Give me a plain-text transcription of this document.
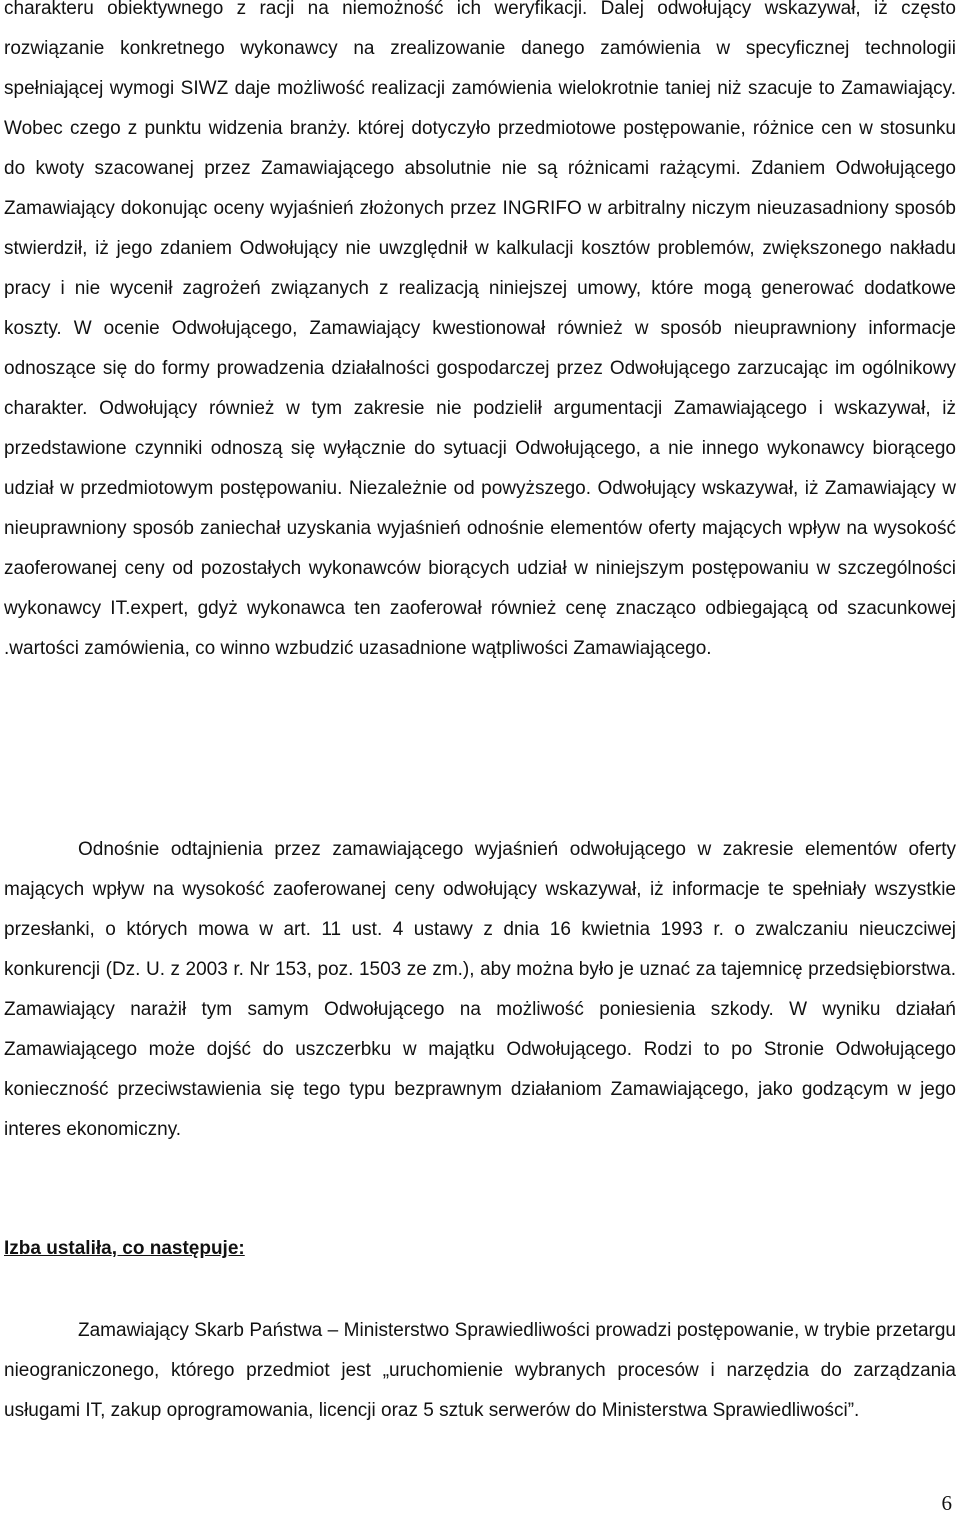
charakteru obiektywnego z racji na niemożność ich weryfikacji. Dalej odwołujący wskazywał, iż często rozwiązanie konkretnego wykonawcy na zrealizowanie danego zamówienia w specyficznej technologii spełniającej wymogi SIWZ daje możliwość realizacji zamówienia wielokrotnie taniej niż szacuje to Zamawiający. Wobec czego z punktu widzenia branży. której dotyczyło przedmiotowe postępowanie, różnice cen w stosunku do kwoty szacowanej przez Zamawiającego absolutnie nie są różnicami rażącymi. Zdaniem Odwołującego Zamawiający dokonując oceny wyjaśnień złożonych przez INGRIFO w arbitralny niczym nieuzasadniony sposób stwierdził, iż jego zdaniem Odwołujący nie uwzględnił w kalkulacji kosztów problemów, zwiększonego nakładu pracy i nie wycenił zagrożeń związanych z realizacją niniejszej umowy, które mogą generować dodatkowe koszty. W ocenie Odwołującego, Zamawiający kwestionował również w sposób nieuprawniony informacje odnoszące się do formy prowadzenia działalności gospodarczej przez Odwołującego zarzucając im ogólnikowy charakter. Odwołujący również w tym zakresie nie podzielił argumentacji Zamawiającego i wskazywał, iż przedstawione czynniki odnoszą się wyłącznie do sytuacji Odwołującego, a nie innego wykonawcy biorącego udział w przedmiotowym postępowaniu. Niezależnie od powyższego. Odwołujący wskazywał, iż Zamawiający w nieuprawniony sposób zaniechał uzyskania wyjaśnień odnośnie elementów oferty mających wpływ na wysokość zaoferowanej ceny od pozostałych wykonawców biorących udział w niniejszym postępowaniu w szczególności wykonawcy IT.expert, gdyż wykonawca ten zaoferował również cenę znacząco odbiegającą od szacunkowej .wartości zamówienia, co winno wzbudzić uzasadnione wątpliwości Zamawiającego.

Odnośnie odtajnienia przez zamawiającego wyjaśnień odwołującego w zakresie elementów oferty mających wpływ na wysokość zaoferowanej ceny odwołujący wskazywał, iż informacje te spełniały wszystkie przesłanki, o których mowa w art. 11 ust. 4 ustawy z dnia 16 kwietnia 1993 r. o zwalczaniu nieuczciwej konkurencji (Dz. U. z 2003 r. Nr 153, poz. 1503 ze zm.), aby można było je uznać za tajemnicę przedsiębiorstwa. Zamawiający narażił tym samym Odwołującego na możliwość poniesienia szkody. W wyniku działań Zamawiającego może dojść do uszczerbku w majątku Odwołującego. Rodzi to po Stronie Odwołującego konieczność przeciwstawienia się tego typu bezprawnym działaniom Zamawiającego, jako godzącym w jego interes ekonomiczny.

Izba ustaliła, co następuje:

Zamawiający Skarb Państwa – Ministerstwo Sprawiedliwości prowadzi postępowanie, w trybie przetargu nieograniczonego, którego przedmiot jest „uruchomienie wybranych procesów i narzędzia do zarządzania usługami IT, zakup oprogramowania, licencji oraz 5 sztuk serwerów do Ministerstwa Sprawiedliwości”.

6
